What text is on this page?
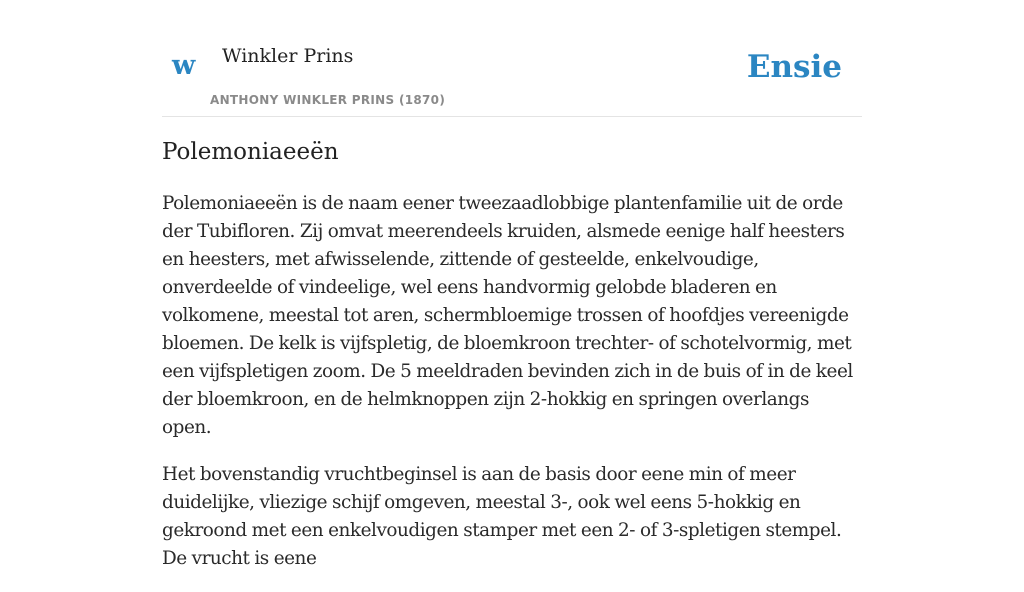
w Winkler Prins
ANTHONY WINKLER PRINS (1870)
Ensie
Polemoniaeeën

Polemoniaeeën is de naam eener tweezaadlobbige plantenfamilie uit de orde der Tubifloren. Zij omvat meerendeels kruiden, alsmede eenige half heesters en heesters, met afwisselende, zittende of gesteelde, enkelvoudige, onverdeelde of vindeelige, wel eens handvormig gelobde bladeren en volkomene, meestal tot aren, schermbloemige trossen of hoofdjes vereenigde bloemen. De kelk is vijfspletig, de bloemkroon trechter- of schotelvormig, met een vijfspletigen zoom. De 5 meeldraden bevinden zich in de buis of in de keel der bloemkroon, en de helmknoppen zijn 2-hokkig en springen overlangs open.

Het bovenstandig vruchtbeginsel is aan de basis door eene min of meer duidelijke, vliezige schijf omgeven, meestal 3-, ook wel eens 5-hokkig en gekroond met een enkelvoudigen stamper met een 2- of 3-spletigen stempel. De vrucht is eene
